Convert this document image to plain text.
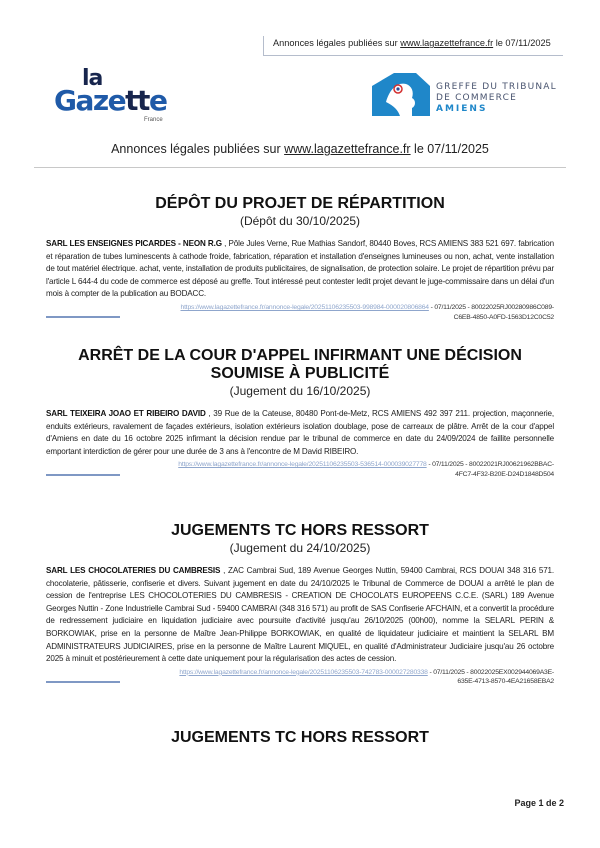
Annonces légales publiées sur www.lagazettefrance.fr le 07/11/2025
la
Gazette
France
GREFFE DU TRIBUNAL
DE COMMERCE
AMIENS
Annonces légales publiées sur www.lagazettefrance.fr le 07/11/2025
DÉPÔT DU PROJET DE RÉPARTITION
(Dépôt du 30/10/2025)
SARL LES ENSEIGNES PICARDES - NEON R.G , Pôle Jules Verne, Rue Mathias Sandorf, 80440 Boves, RCS AMIENS 383 521 697. fabrication et réparation de tubes luminescents à cathode froide, fabrication, réparation et installation d'enseignes lumineuses ou non, achat, vente installation de tout matériel électrique. achat, vente, installation de produits publicitaires, de signalisation, de protection solaire. Le projet de répartition prévu par l'article L 644-4 du code de commerce est déposé au greffe. Tout intéressé peut contester ledit projet devant le juge-commissaire dans un délai d'un mois à compter de la publication au BODACC.
https://www.lagazettefrance.fr/annonce-legale/20251106235503-998984-000020806864 - 07/11/2025 - 80022025RJ00280986C089-
C6EB-4850-A0FD-1563D12C0C52
ARRÊT DE LA COUR D'APPEL INFIRMANT UNE DÉCISION SOUMISE À PUBLICITÉ
(Jugement du 16/10/2025)
SARL TEIXEIRA JOAO ET RIBEIRO DAVID , 39 Rue de la Cateuse, 80480 Pont-de-Metz, RCS AMIENS 492 397 211. projection, maçonnerie, enduits extérieurs, ravalement de façades extérieurs, isolation extérieurs isolation doublage, pose de carreaux de plâtre. Arrêt de la cour d'appel d'Amiens en date du 16 octobre 2025 infirmant la décision rendue par le tribunal de commerce en date du 24/09/2024 de faillite personnelle emportant interdiction de gérer pour une durée de 3 ans à l'encontre de M David RIBEIRO.
https://www.lagazettefrance.fr/annonce-legale/20251106235503-536514-000039027778 - 07/11/2025 - 80022021RJ00621962BBAC-
4FC7-4F32-B20E-D24D1848D504
JUGEMENTS TC HORS RESSORT
(Jugement du 24/10/2025)
SARL LES CHOCOLATERIES DU CAMBRESIS , ZAC Cambrai Sud, 189 Avenue Georges Nuttin, 59400 Cambrai, RCS DOUAI 348 316 571. chocolaterie, pâtisserie, confiserie et divers. Suivant jugement en date du 24/10/2025 le Tribunal de Commerce de DOUAI a arrêté le plan de cession de l'entreprise LES CHOCOLOTERIES DU CAMBRESIS - CREATION DE CHOCOLATS EUROPEENS C.C.E. (SARL) 189 Avenue Georges Nuttin - Zone Industrielle Cambrai Sud - 59400 CAMBRAI (348 316 571) au profit de SAS Confiserie AFCHAIN, et a convertit la procédure de redressement judiciaire en liquidation judiciaire avec poursuite d'activité jusqu'au 26/10/2025 (00h00), nomme la SELARL PERIN & BORKOWIAK, prise en la personne de Maître Jean-Philippe BORKOWIAK, en qualité de liquidateur judiciaire et maintient la SELARL BM ADMINISTRATEURS JUDICIAIRES, prise en la personne de Maître Laurent MIQUEL, en qualité d'Administrateur Judiciaire jusqu'au 26 octobre 2025 à minuit et postérieurement à cette date uniquement pour la régularisation des actes de cession.
https://www.lagazettefrance.fr/annonce-legale/20251106235503-742783-000027280338 - 07/11/2025 - 80022025EX002944069A3E-
635E-4713-8570-4EA21658EBA2
JUGEMENTS TC HORS RESSORT
Page 1 de 2
